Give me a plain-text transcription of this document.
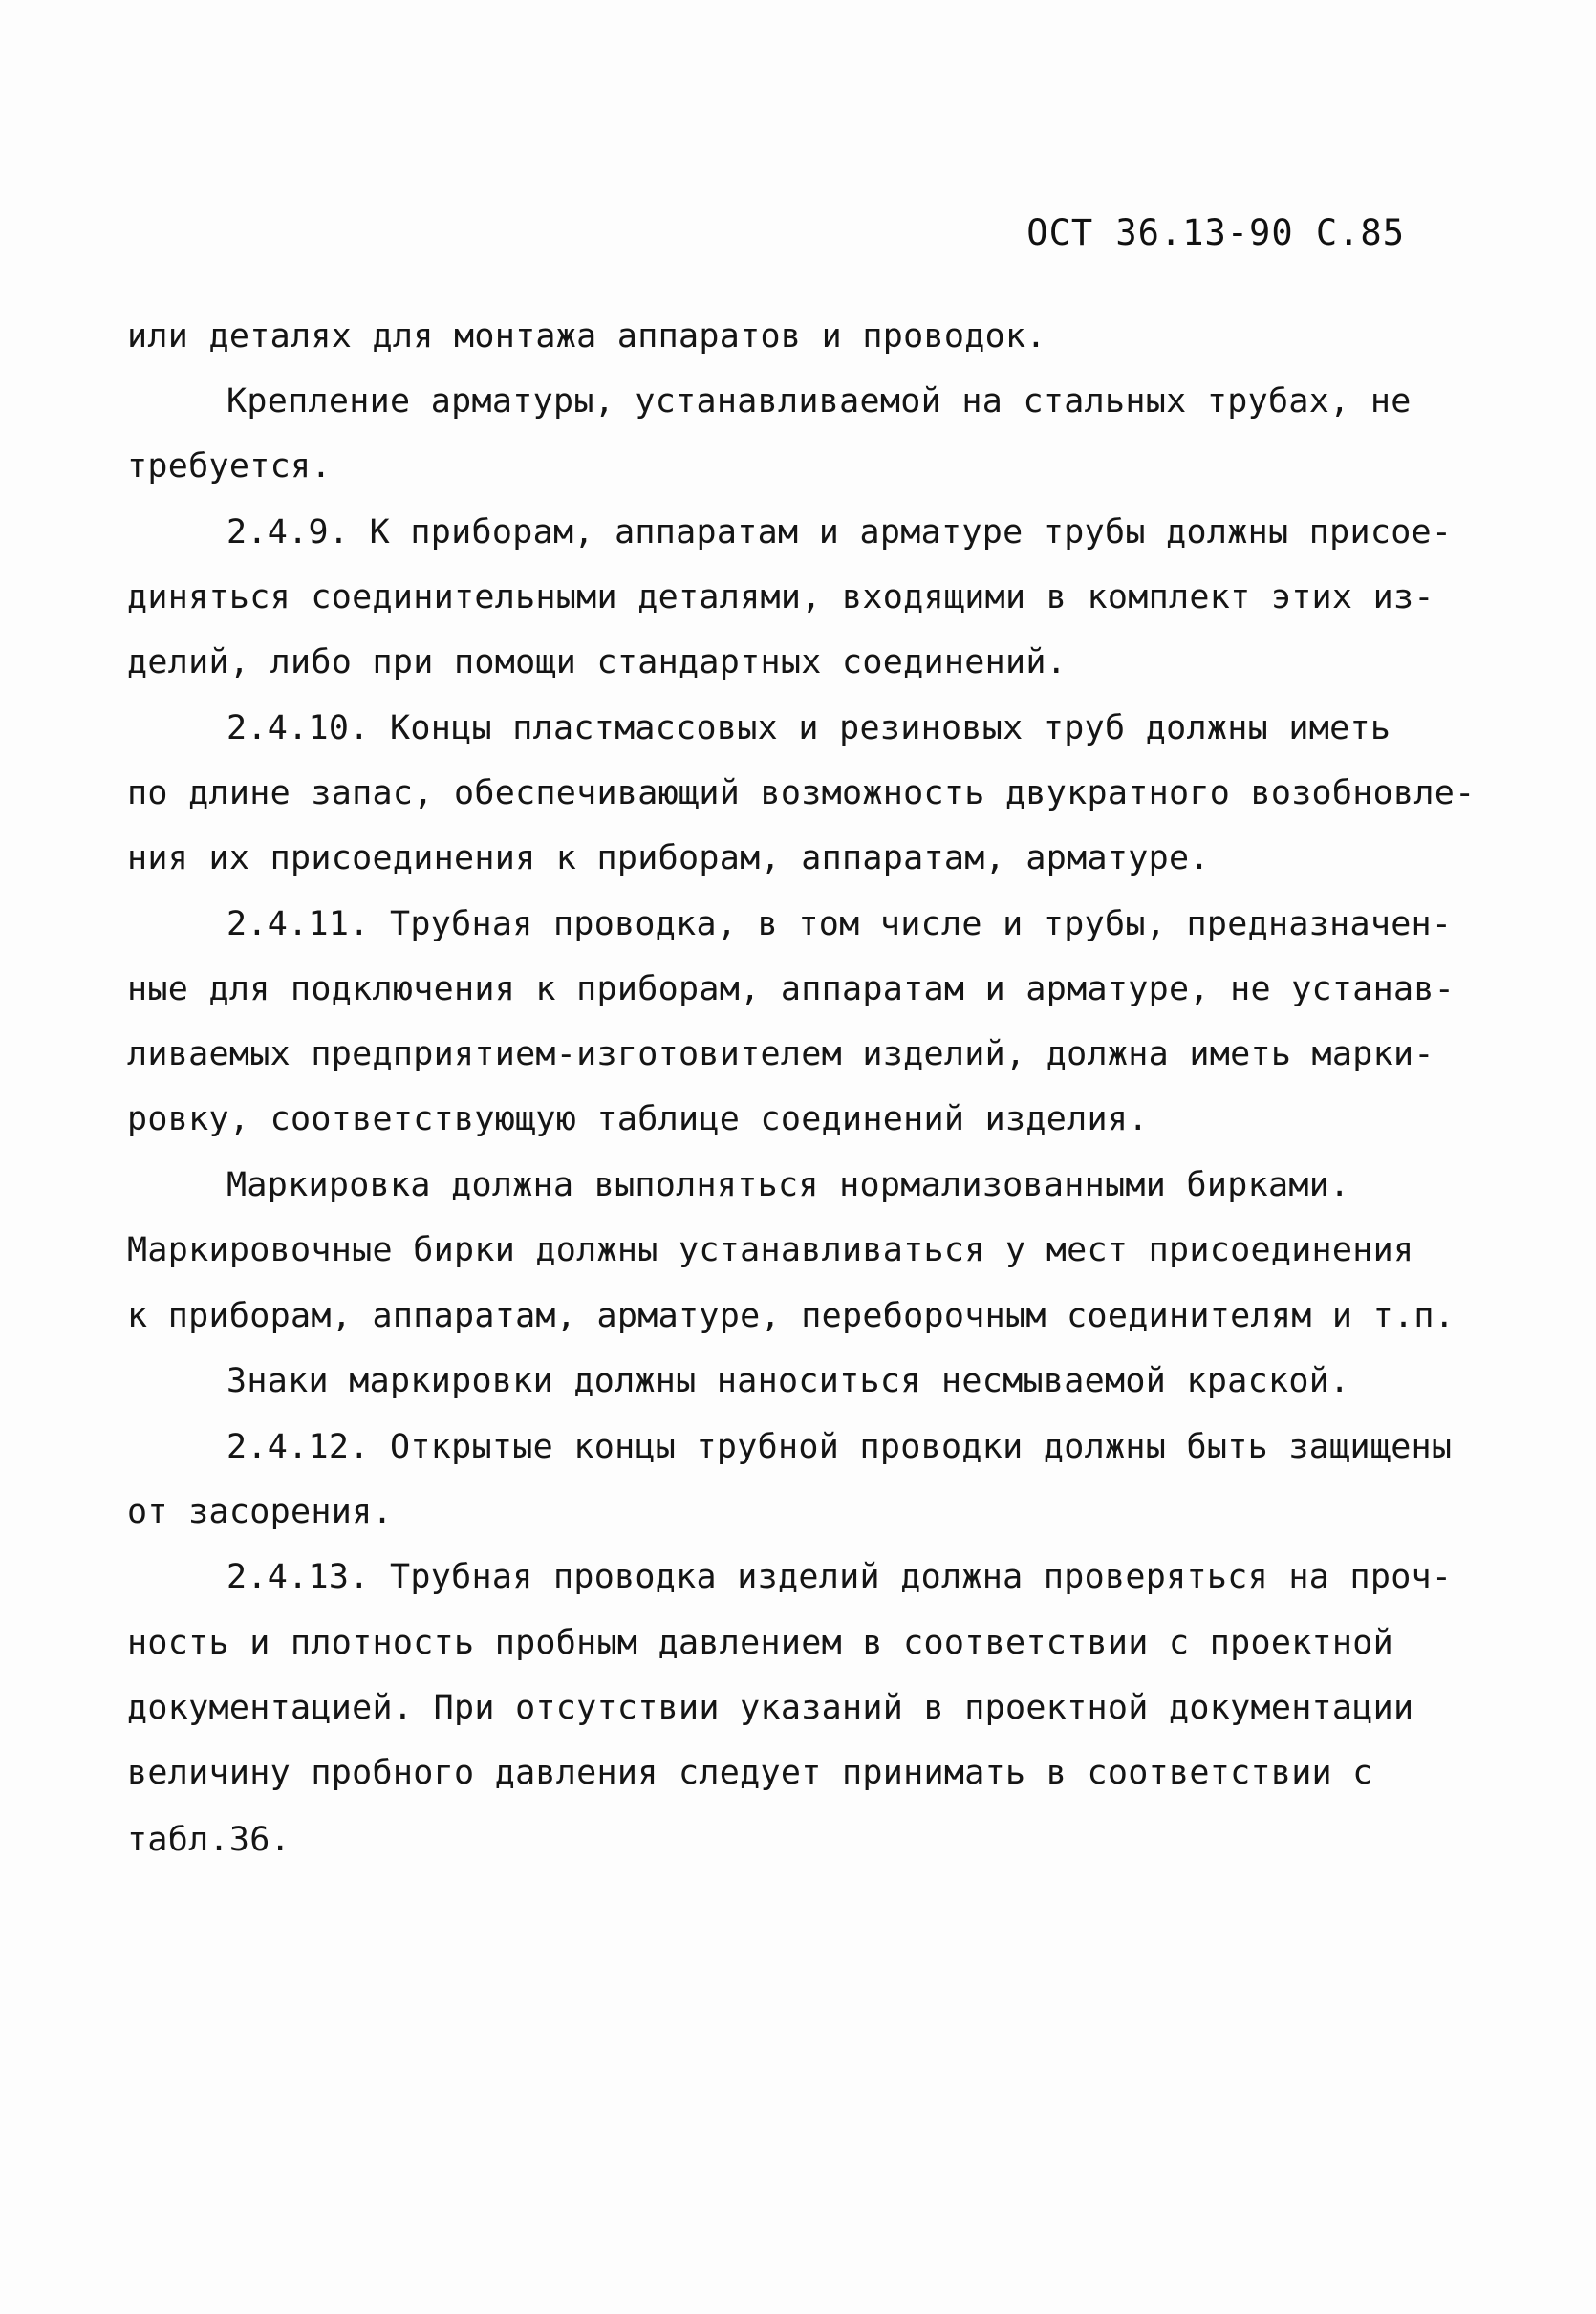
ОСТ 36.13-90 С.85
или деталях для монтажа аппаратов и проводок.
Крепление арматуры, устанавливаемой на стальных трубах, не
требуется.
2.4.9. К приборам, аппаратам и арматуре трубы должны присое-
диняться соединительными деталями, входящими в комплект этих из-
делий, либо при помощи стандартных соединений.
2.4.10. Концы пластмассовых и резиновых труб должны иметь
по длине запас, обеспечивающий возможность двукратного возобновле-
ния их присоединения к приборам, аппаратам, арматуре.
2.4.11. Трубная проводка, в том числе и трубы, предназначен-
ные для подключения к приборам, аппаратам и арматуре, не устанав-
ливаемых предприятием-изготовителем изделий, должна иметь марки-
ровку, соответствующую таблице соединений изделия.
Маркировка должна выполняться нормализованными бирками.
Маркировочные бирки должны устанавливаться у мест присоединения
к приборам, аппаратам, арматуре, переборочным соединителям и т.п.
Знаки маркировки должны наноситься несмываемой краской.
2.4.12. Открытые концы трубной проводки должны быть защищены
от засорения.
2.4.13. Трубная проводка изделий должна проверяться на проч-
ность и плотность пробным давлением в соответствии с проектной
документацией. При отсутствии указаний в проектной документации
величину пробного давления следует принимать в соответствии с
табл.36.
